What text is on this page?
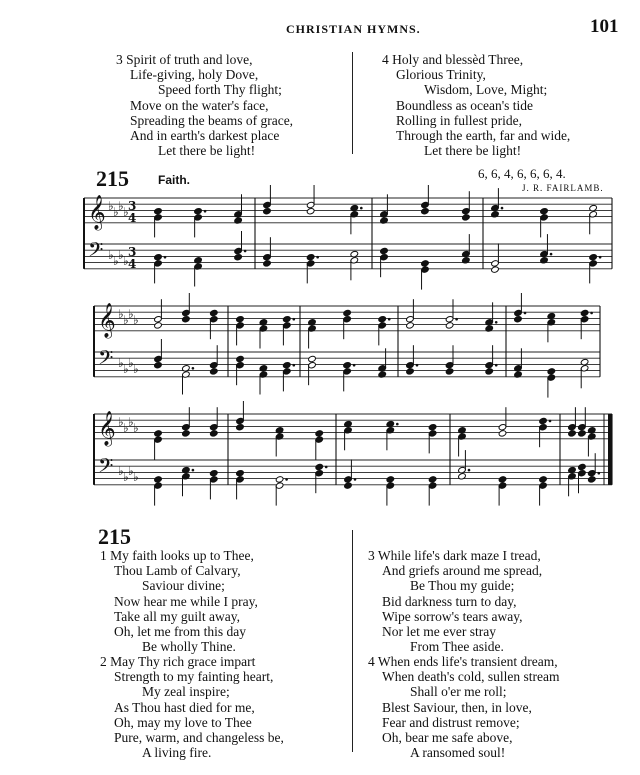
CHRISTIAN HYMNS.	101
3 Spirit of truth and love,
Life-giving, holy Dove,
Speed forth Thy flight;
Move on the water's face,
Spreading the beams of grace,
And in earth's darkest place
Let there be light!
4 Holy and blessèd Three,
Glorious Trinity,
Wisdom, Love, Might;
Boundless as ocean's tide
Rolling in fullest pride,
Through the earth, far and wide,
Let there be light!
215 Faith.	6, 6, 4, 6, 6, 6, 4.
J. R. FAIRLAMB.
𝄞 ♭ ♭ ♭ ♭
𝄢 ♭ ♭ ♭ ♭
𝄞 ♭ ♭ ♭ ♭
𝄢 ♭ ♭ ♭ ♭
𝄞 ♭ ♭ ♭ ♭
𝄢 ♭ ♭ ♭ ♭
3
4
3
4
215
1 My faith looks up to Thee,
Thou Lamb of Calvary,
Saviour divine;
Now hear me while I pray,
Take all my guilt away,
Oh, let me from this day
Be wholly Thine.
2 May Thy rich grace impart
Strength to my fainting heart,
My zeal inspire;
As Thou hast died for me,
Oh, may my love to Thee
Pure, warm, and changeless be,
A living fire.
3 While life's dark maze I tread,
And griefs around me spread,
Be Thou my guide;
Bid darkness turn to day,
Wipe sorrow's tears away,
Nor let me ever stray
From Thee aside.
4 When ends life's transient dream,
When death's cold, sullen stream
Shall o'er me roll;
Blest Saviour, then, in love,
Fear and distrust remove;
Oh, bear me safe above,
A ransomed soul!
